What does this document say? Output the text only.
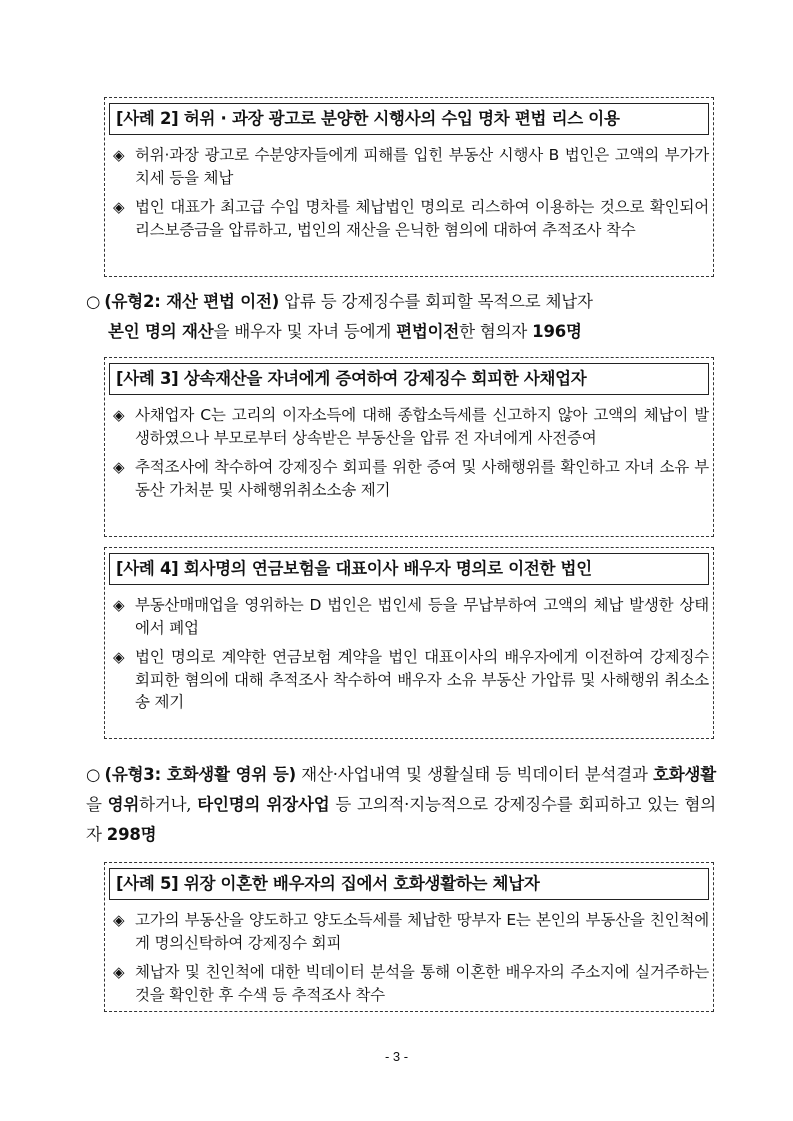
[사례 2] 허위 · 과장 광고로 분양한 시행사의 수입 명차 편법 리스 이용
◈ 허위·과장 광고로 수분양자들에게 피해를 입힌 부동산 시행사 B 법인은 고액의 부가가치세 등을 체납
◈ 법인 대표가 최고급 수입 명차를 체납법인 명의로 리스하여 이용하는 것으로 확인되어 리스보증금을 압류하고, 법인의 재산을 은닉한 혐의에 대하여 추적조사 착수
○ (유형2: 재산 편법 이전) 압류 등 강제징수를 회피할 목적으로 체납자
본인 명의 재산을 배우자 및 자녀 등에게 편법이전한 혐의자 196명
[사례 3] 상속재산을 자녀에게 증여하여 강제징수 회피한 사채업자
◈ 사채업자 C는 고리의 이자소득에 대해 종합소득세를 신고하지 않아 고액의 체납이 발생하였으나 부모로부터 상속받은 부동산을 압류 전 자녀에게 사전증여
◈ 추적조사에 착수하여 강제징수 회피를 위한 증여 및 사해행위를 확인하고 자녀 소유 부동산 가처분 및 사해행위취소소송 제기
[사례 4] 회사명의 연금보험을 대표이사 배우자 명의로 이전한 법인
◈ 부동산매매업을 영위하는 D 법인은 법인세 등을 무납부하여 고액의 체납 발생한 상태에서 폐업
◈ 법인 명의로 계약한 연금보험 계약을 법인 대표이사의 배우자에게 이전하여 강제징수 회피한 혐의에 대해 추적조사 착수하여 배우자 소유 부동산 가압류 및 사해행위 취소소송 제기
○ (유형3: 호화생활 영위 등) 재산·사업내역 및 생활실태 등 빅데이터 분석결과 호화생활을 영위하거나, 타인명의 위장사업 등 고의적·지능적으로 강제징수를 회피하고 있는 혐의자 298명
[사례 5] 위장 이혼한 배우자의 집에서 호화생활하는 체납자
◈ 고가의 부동산을 양도하고 양도소득세를 체납한 땅부자 E는 본인의 부동산을 친인척에게 명의신탁하여 강제징수 회피
◈ 체납자 및 친인척에 대한 빅데이터 분석을 통해 이혼한 배우자의 주소지에 실거주하는 것을 확인한 후 수색 등 추적조사 착수
- 3 -
